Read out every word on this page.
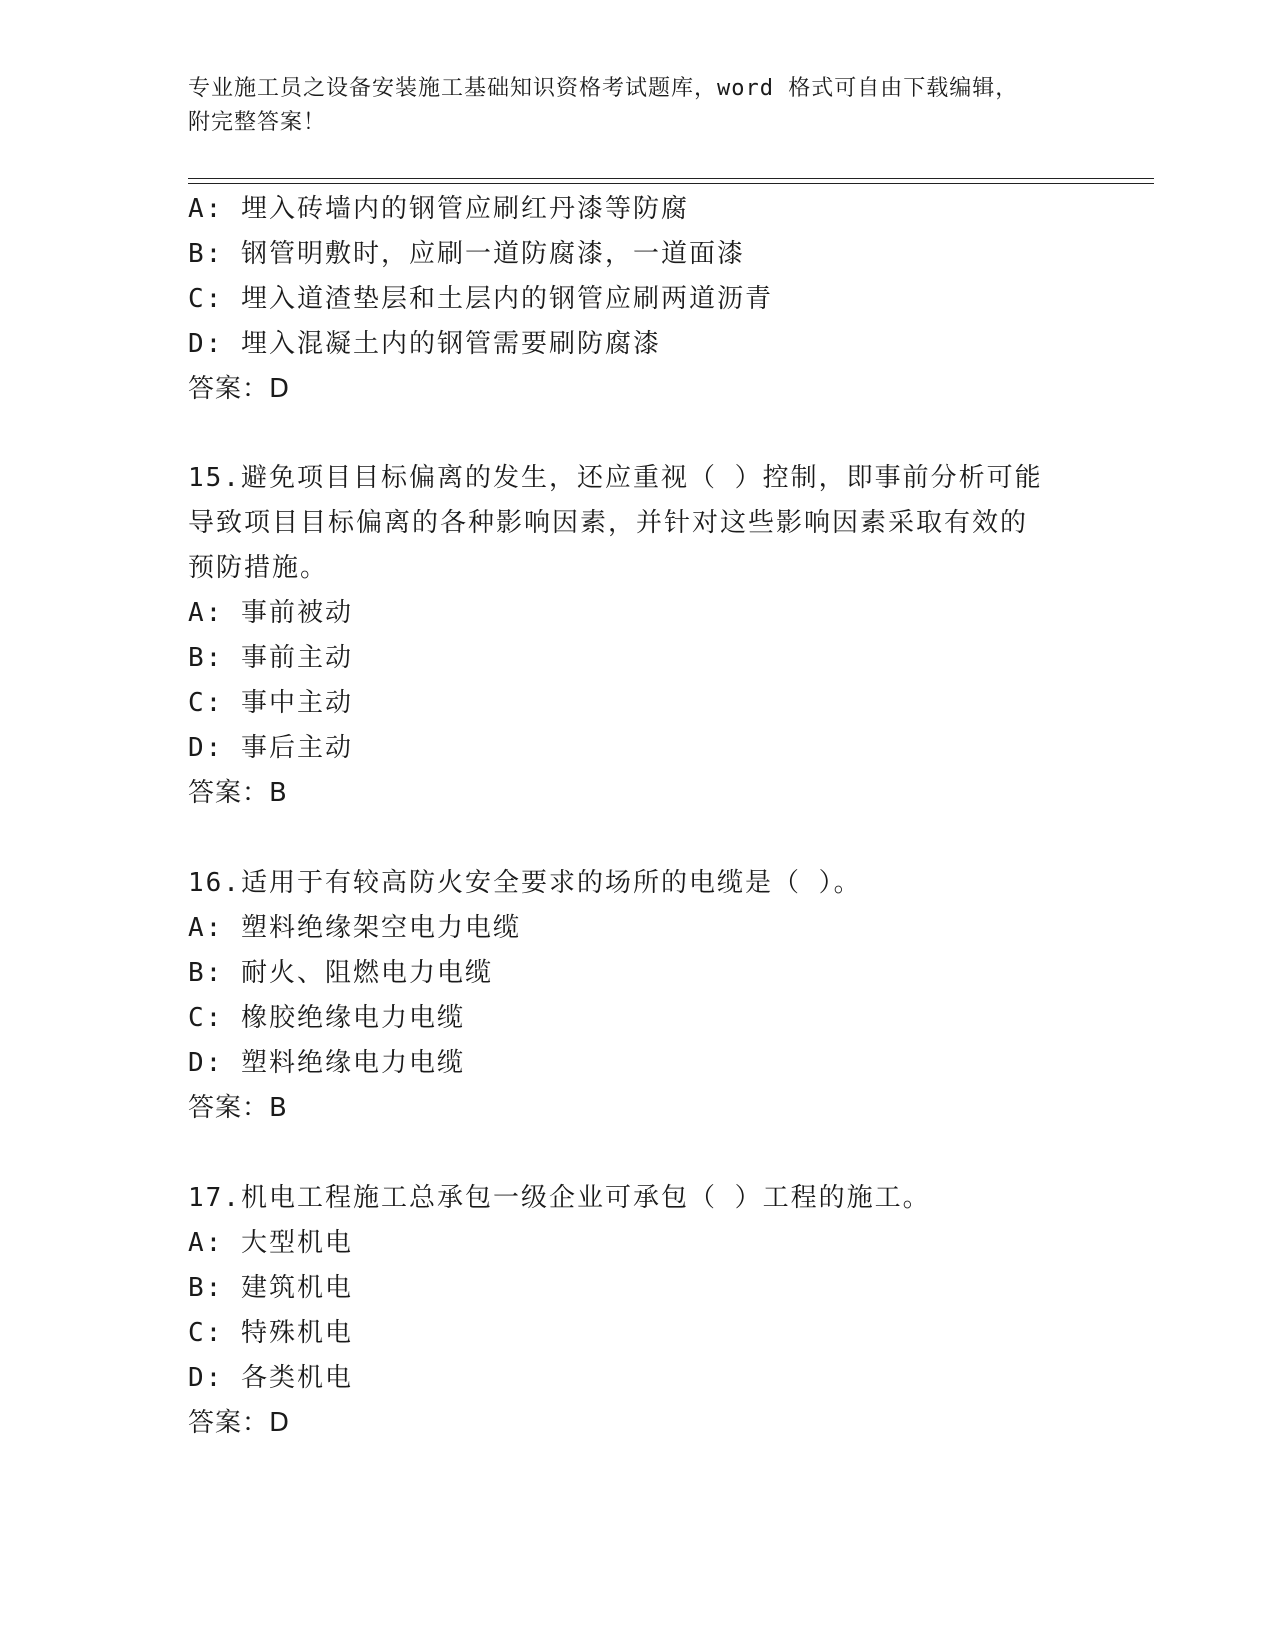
专业施工员之设备安装施工基础知识资格考试题库，word 格式可自由下载编辑，
附完整答案！
A: 埋入砖墙内的钢管应刷红丹漆等防腐
B: 钢管明敷时，应刷一道防腐漆，一道面漆
C: 埋入道渣垫层和土层内的钢管应刷两道沥青
D: 埋入混凝土内的钢管需要刷防腐漆
答案：D
15.避免项目目标偏离的发生，还应重视（ ）控制，即事前分析可能
导致项目目标偏离的各种影响因素，并针对这些影响因素采取有效的
预防措施。
A: 事前被动
B: 事前主动
C: 事中主动
D: 事后主动
答案：B
16.适用于有较高防火安全要求的场所的电缆是（ ）。
A: 塑料绝缘架空电力电缆
B: 耐火、阻燃电力电缆
C: 橡胶绝缘电力电缆
D: 塑料绝缘电力电缆
答案：B
17.机电工程施工总承包一级企业可承包（ ）工程的施工。
A: 大型机电
B: 建筑机电
C: 特殊机电
D: 各类机电
答案：D
